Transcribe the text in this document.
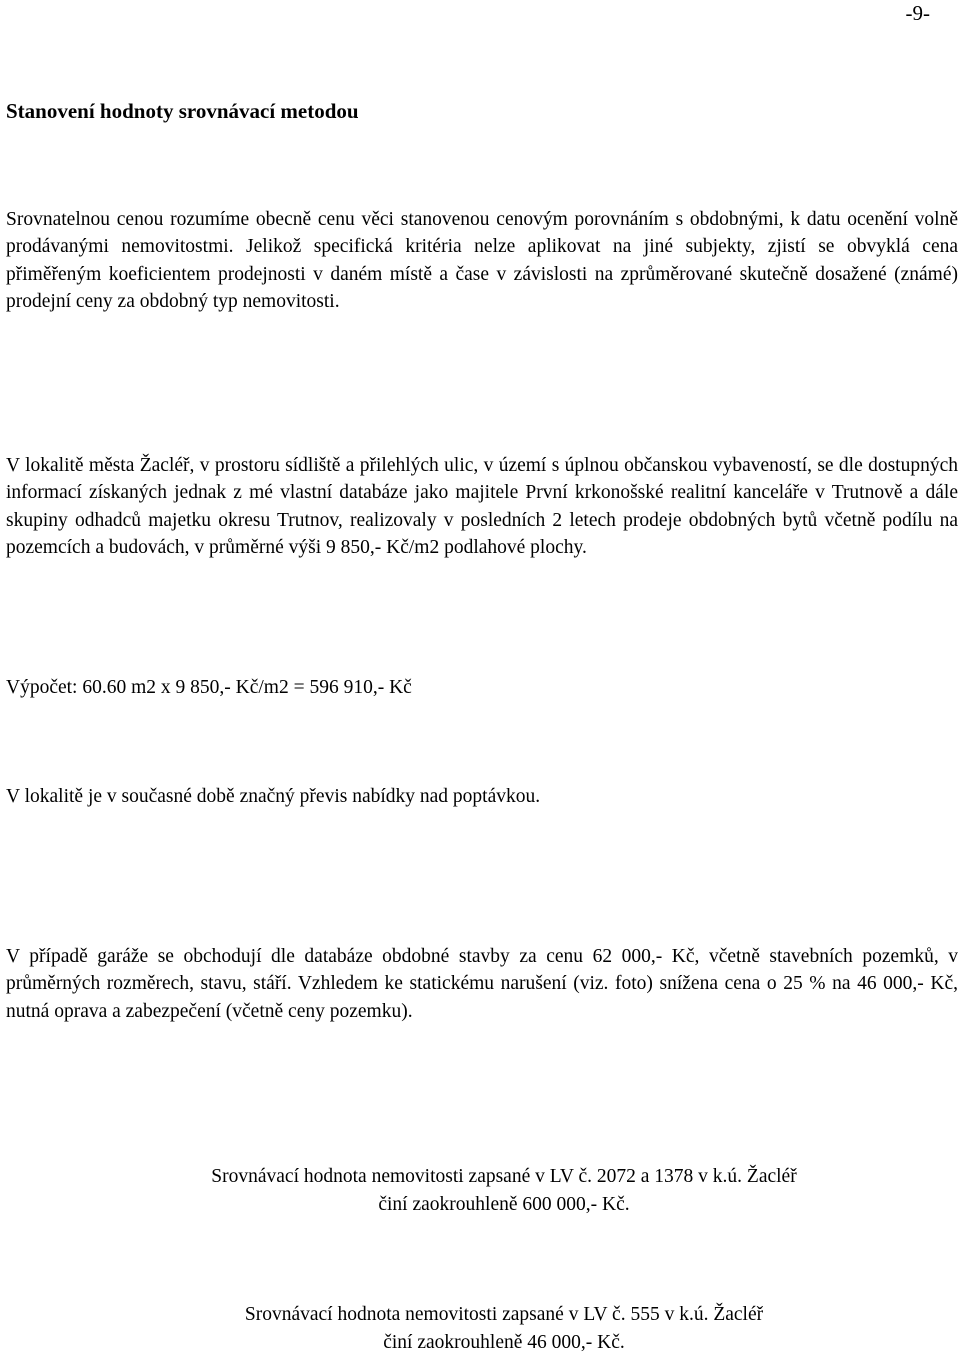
-9-
Stanovení hodnoty srovnávací metodou

Srovnatelnou cenou rozumíme obecně cenu věci stanovenou cenovým porovnáním s obdobnými, k datu ocenění volně prodávanými nemovitostmi. Jelikož specifická kritéria nelze aplikovat na jiné subjekty, zjistí se obvyklá cena přiměřeným koeficientem prodejnosti v daném místě a čase v závislosti na zprůměrované skutečně dosažené (známé) prodejní ceny za obdobný typ nemovitosti.

V lokalitě města Žacléř, v prostoru sídliště a přilehlých ulic, v území s úplnou občanskou vybaveností, se dle dostupných informací získaných jednak z mé vlastní databáze jako majitele První krkonošské realitní kanceláře v Trutnově a dále skupiny odhadců majetku okresu Trutnov, realizovaly v posledních 2 letech prodeje obdobných bytů včetně podílu na pozemcích a budovách, v průměrné výši 9 850,- Kč/m2 podlahové plochy.

Výpočet: 60.60 m2 x 9 850,- Kč/m2 = 596 910,- Kč

V lokalitě je v současné době značný převis nabídky nad poptávkou.

V případě garáže se obchodují dle databáze obdobné stavby za cenu 62 000,- Kč, včetně stavebních pozemků, v průměrných rozměrech, stavu, stáří. Vzhledem ke statickému narušení (viz. foto) snížena cena o 25 % na 46 000,- Kč, nutná oprava a zabezpečení (včetně ceny pozemku).

Srovnávací hodnota nemovitosti zapsané v LV č. 2072 a 1378 v k.ú. Žacléř
činí zaokrouhleně 600 000,- Kč.

Srovnávací hodnota nemovitosti zapsané v LV č. 555 v k.ú. Žacléř
činí zaokrouhleně 46 000,- Kč.
